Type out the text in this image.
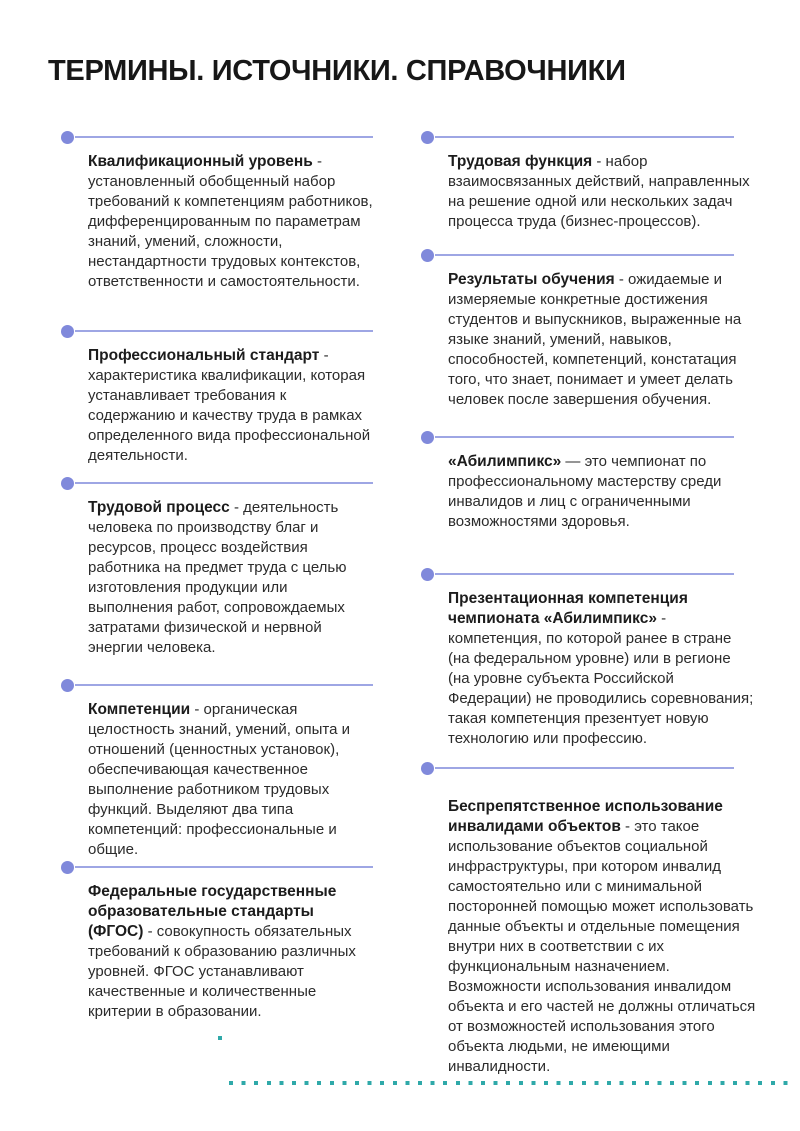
ТЕРМИНЫ. ИСТОЧНИКИ. СПРАВОЧНИКИ

Квалификационный уровень - установленный обобщенный набор требований к компетенциям работников, дифференцированным по параметрам знаний, умений, сложности, нестандартности трудовых контекстов, ответственности и самостоятельности.

Профессиональный стандарт - характеристика квалификации, которая устанавливает требования к содержанию и качеству труда в рамках определенного вида профессиональной деятельности.

Трудовой процесс - деятельность человека по производству благ и ресурсов, процесс воздействия работника на предмет труда с целью изготовления продукции или выполнения работ, сопровождаемых затратами физической и нервной энергии человека.

Компетенции - органическая целостность знаний, умений, опыта и отношений (ценностных установок), обеспечивающая качественное выполнение работником трудовых функций. Выделяют два типа компетенций: профессиональные и общие.

Федеральные государственные образовательные стандарты (ФГОС) - совокупность обязательных требований к образованию различных уровней. ФГОС устанавливают качественные и количественные критерии в образовании.

Трудовая функция - набор взаимосвязанных действий, направленных на решение одной или нескольких задач процесса труда (бизнес-процессов).

Результаты обучения - ожидаемые и измеряемые конкретные достижения студентов и выпускников, выраженные на языке знаний, умений, навыков, способностей, компетенций, констатация того, что знает, понимает и умеет делать человек после завершения обучения.

«Абилимпикс» — это чемпионат по профессиональному мастерству среди инвалидов и лиц с ограниченными возможностями здоровья.

Презентационная компетенция чемпионата «Абилимпикс» - компетенция, по которой ранее в стране (на федеральном уровне) или в регионе (на уровне субъекта Российской Федерации) не проводились соревнования; такая компетенция презентует новую технологию или профессию.

Беспрепятственное использование инвалидами объектов - это такое использование объектов социальной инфраструктуры, при котором инвалид самостоятельно или с минимальной посторонней помощью может использовать данные объекты и отдельные помещения внутри них в соответствии с их функциональным назначением. Возможности использования инвалидом объекта и его частей не должны отличаться от возможностей использования этого объекта людьми, не имеющими инвалидности.
